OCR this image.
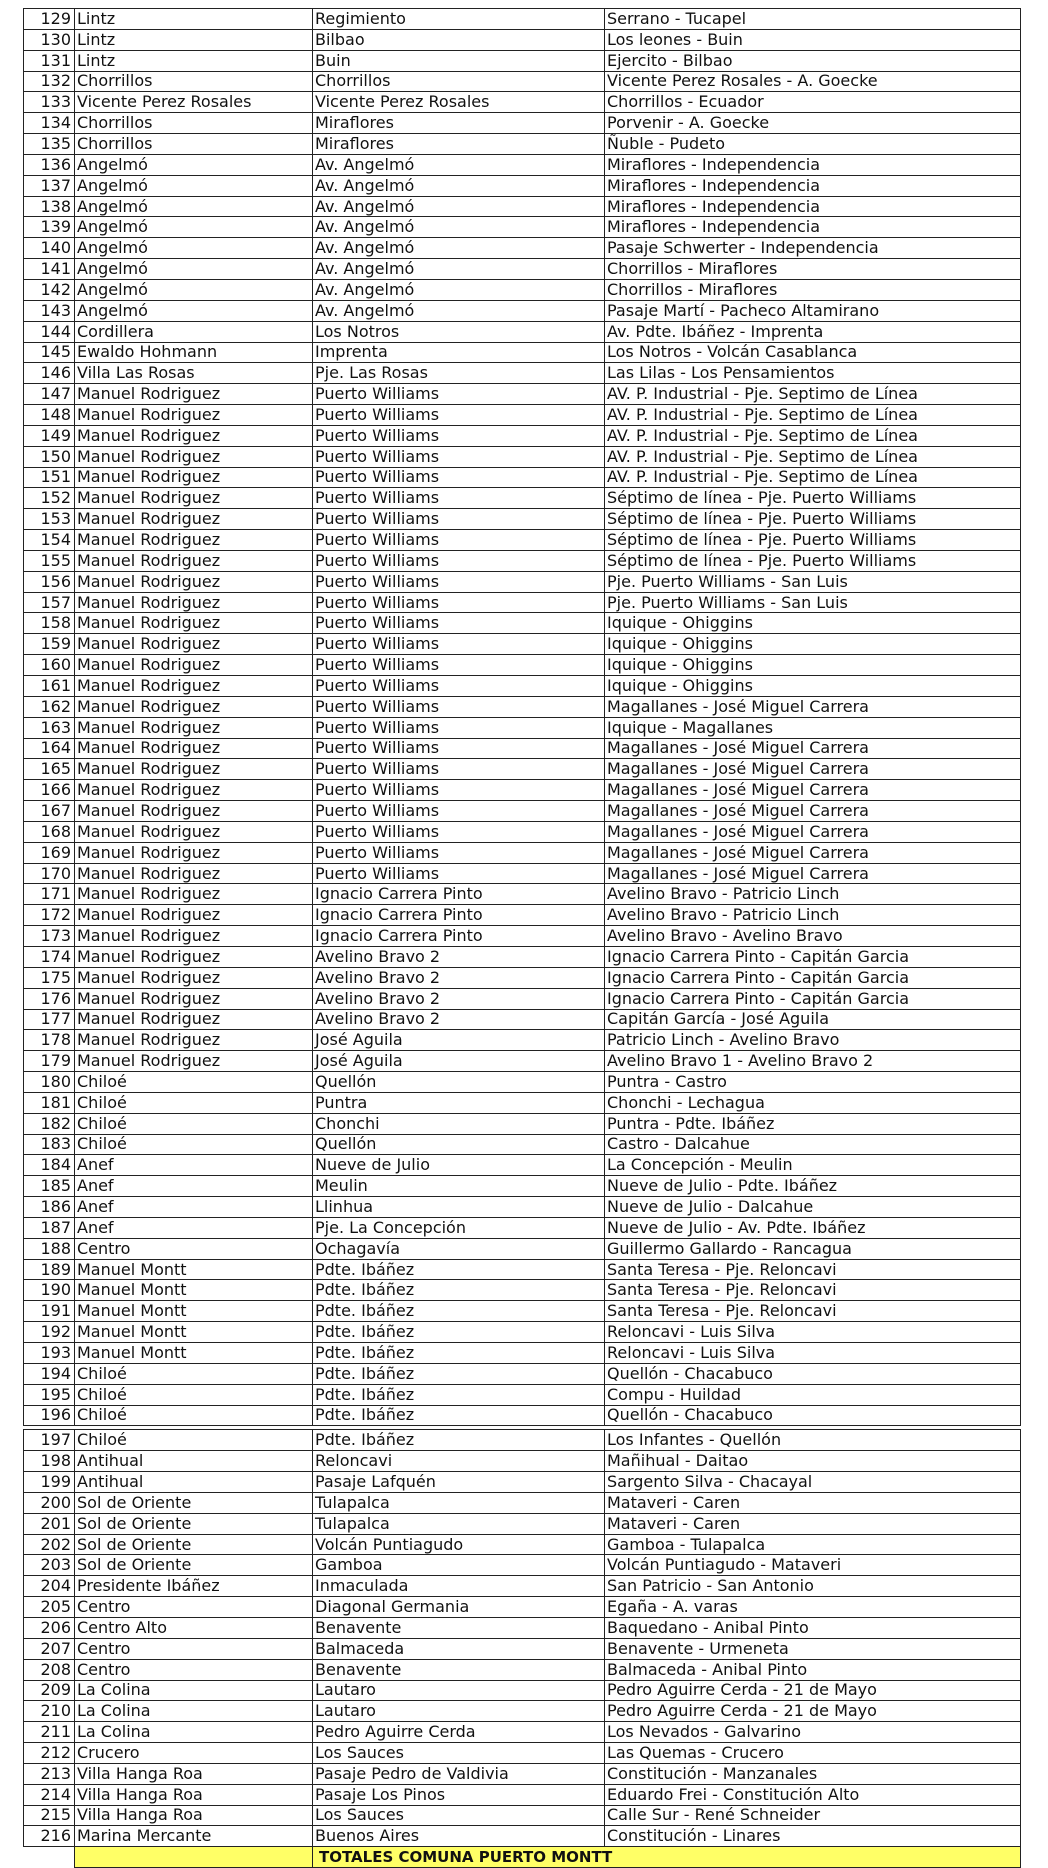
129	Lintz	Regimiento	Serrano - Tucapel
130	Lintz	Bilbao	Los leones - Buin
131	Lintz	Buin	Ejercito - Bilbao
132	Chorrillos	Chorrillos	Vicente Perez Rosales - A. Goecke
133	Vicente Perez Rosales	Vicente Perez Rosales	Chorrillos - Ecuador
134	Chorrillos	Miraflores	Porvenir - A. Goecke
135	Chorrillos	Miraflores	Ñuble - Pudeto
136	Angelmó	Av. Angelmó	Miraflores - Independencia
137	Angelmó	Av. Angelmó	Miraflores - Independencia
138	Angelmó	Av. Angelmó	Miraflores - Independencia
139	Angelmó	Av. Angelmó	Miraflores - Independencia
140	Angelmó	Av. Angelmó	Pasaje Schwerter - Independencia
141	Angelmó	Av. Angelmó	Chorrillos - Miraflores
142	Angelmó	Av. Angelmó	Chorrillos - Miraflores
143	Angelmó	Av. Angelmó	Pasaje Martí - Pacheco Altamirano
144	Cordillera	Los Notros	Av. Pdte. Ibáñez - Imprenta
145	Ewaldo Hohmann	Imprenta	Los Notros - Volcán Casablanca
146	Villa Las Rosas	Pje. Las Rosas	Las Lilas - Los Pensamientos
147	Manuel Rodriguez	Puerto Williams	AV. P. Industrial - Pje. Septimo de Línea
148	Manuel Rodriguez	Puerto Williams	AV. P. Industrial - Pje. Septimo de Línea
149	Manuel Rodriguez	Puerto Williams	AV. P. Industrial - Pje. Septimo de Línea
150	Manuel Rodriguez	Puerto Williams	AV. P. Industrial - Pje. Septimo de Línea
151	Manuel Rodriguez	Puerto Williams	AV. P. Industrial - Pje. Septimo de Línea
152	Manuel Rodriguez	Puerto Williams	Séptimo de línea - Pje. Puerto Williams
153	Manuel Rodriguez	Puerto Williams	Séptimo de línea - Pje. Puerto Williams
154	Manuel Rodriguez	Puerto Williams	Séptimo de línea - Pje. Puerto Williams
155	Manuel Rodriguez	Puerto Williams	Séptimo de línea - Pje. Puerto Williams
156	Manuel Rodriguez	Puerto Williams	Pje. Puerto Williams - San Luis
157	Manuel Rodriguez	Puerto Williams	Pje. Puerto Williams - San Luis
158	Manuel Rodriguez	Puerto Williams	Iquique - Ohiggins
159	Manuel Rodriguez	Puerto Williams	Iquique - Ohiggins
160	Manuel Rodriguez	Puerto Williams	Iquique - Ohiggins
161	Manuel Rodriguez	Puerto Williams	Iquique - Ohiggins
162	Manuel Rodriguez	Puerto Williams	Magallanes - José Miguel Carrera
163	Manuel Rodriguez	Puerto Williams	Iquique - Magallanes
164	Manuel Rodriguez	Puerto Williams	Magallanes - José Miguel Carrera
165	Manuel Rodriguez	Puerto Williams	Magallanes - José Miguel Carrera
166	Manuel Rodriguez	Puerto Williams	Magallanes - José Miguel Carrera
167	Manuel Rodriguez	Puerto Williams	Magallanes - José Miguel Carrera
168	Manuel Rodriguez	Puerto Williams	Magallanes - José Miguel Carrera
169	Manuel Rodriguez	Puerto Williams	Magallanes - José Miguel Carrera
170	Manuel Rodriguez	Puerto Williams	Magallanes - José Miguel Carrera
171	Manuel Rodriguez	Ignacio Carrera Pinto	Avelino Bravo - Patricio Linch
172	Manuel Rodriguez	Ignacio Carrera Pinto	Avelino Bravo - Patricio Linch
173	Manuel Rodriguez	Ignacio Carrera Pinto	Avelino Bravo - Avelino Bravo
174	Manuel Rodriguez	Avelino Bravo 2	Ignacio Carrera Pinto - Capitán Garcia
175	Manuel Rodriguez	Avelino Bravo 2	Ignacio Carrera Pinto - Capitán Garcia
176	Manuel Rodriguez	Avelino Bravo 2	Ignacio Carrera Pinto - Capitán Garcia
177	Manuel Rodriguez	Avelino Bravo 2	Capitán García - José Aguila
178	Manuel Rodriguez	José Aguila	Patricio Linch - Avelino Bravo
179	Manuel Rodriguez	José Aguila	Avelino Bravo 1 - Avelino Bravo 2
180	Chiloé	Quellón	Puntra - Castro
181	Chiloé	Puntra	Chonchi - Lechagua
182	Chiloé	Chonchi	Puntra - Pdte. Ibáñez
183	Chiloé	Quellón	Castro - Dalcahue
184	Anef	Nueve de Julio	La Concepción - Meulin
185	Anef	Meulin	Nueve de Julio - Pdte. Ibáñez
186	Anef	Llinhua	Nueve de Julio - Dalcahue
187	Anef	Pje. La Concepción	Nueve de Julio - Av. Pdte. Ibáñez
188	Centro	Ochagavía	Guillermo Gallardo - Rancagua
189	Manuel Montt	Pdte. Ibáñez	Santa Teresa - Pje. Reloncavi
190	Manuel Montt	Pdte. Ibáñez	Santa Teresa - Pje. Reloncavi
191	Manuel Montt	Pdte. Ibáñez	Santa Teresa - Pje. Reloncavi
192	Manuel Montt	Pdte. Ibáñez	Reloncavi - Luis Silva
193	Manuel Montt	Pdte. Ibáñez	Reloncavi - Luis Silva
194	Chiloé	Pdte. Ibáñez	Quellón - Chacabuco
195	Chiloé	Pdte. Ibáñez	Compu - Huildad
196	Chiloé	Pdte. Ibáñez	Quellón - Chacabuco

197	Chiloé	Pdte. Ibáñez	Los Infantes - Quellón
198	Antihual	Reloncavi	Mañihual - Daitao
199	Antihual	Pasaje Lafquén	Sargento Silva - Chacayal
200	Sol de Oriente	Tulapalca	Mataveri - Caren
201	Sol de Oriente	Tulapalca	Mataveri - Caren
202	Sol de Oriente	Volcán Puntiagudo	Gamboa - Tulapalca
203	Sol de Oriente	Gamboa	Volcán Puntiagudo - Mataveri
204	Presidente Ibáñez	Inmaculada	San Patricio - San Antonio
205	Centro	Diagonal Germania	Egaña - A. varas
206	Centro Alto	Benavente	Baquedano - Anibal Pinto
207	Centro	Balmaceda	Benavente - Urmeneta
208	Centro	Benavente	Balmaceda - Anibal Pinto
209	La Colina	Lautaro	Pedro Aguirre Cerda - 21 de Mayo
210	La Colina	Lautaro	Pedro Aguirre Cerda - 21 de Mayo
211	La Colina	Pedro Aguirre Cerda	Los Nevados - Galvarino
212	Crucero	Los Sauces	Las Quemas - Crucero
213	Villa Hanga Roa	Pasaje Pedro de Valdivia	Constitución - Manzanales
214	Villa Hanga Roa	Pasaje Los Pinos	Eduardo Frei - Constitución Alto
215	Villa Hanga Roa	Los Sauces	Calle Sur - René Schneider
216	Marina Mercante	Buenos Aires	Constitución - Linares
		TOTALES COMUNA PUERTO MONTT	
